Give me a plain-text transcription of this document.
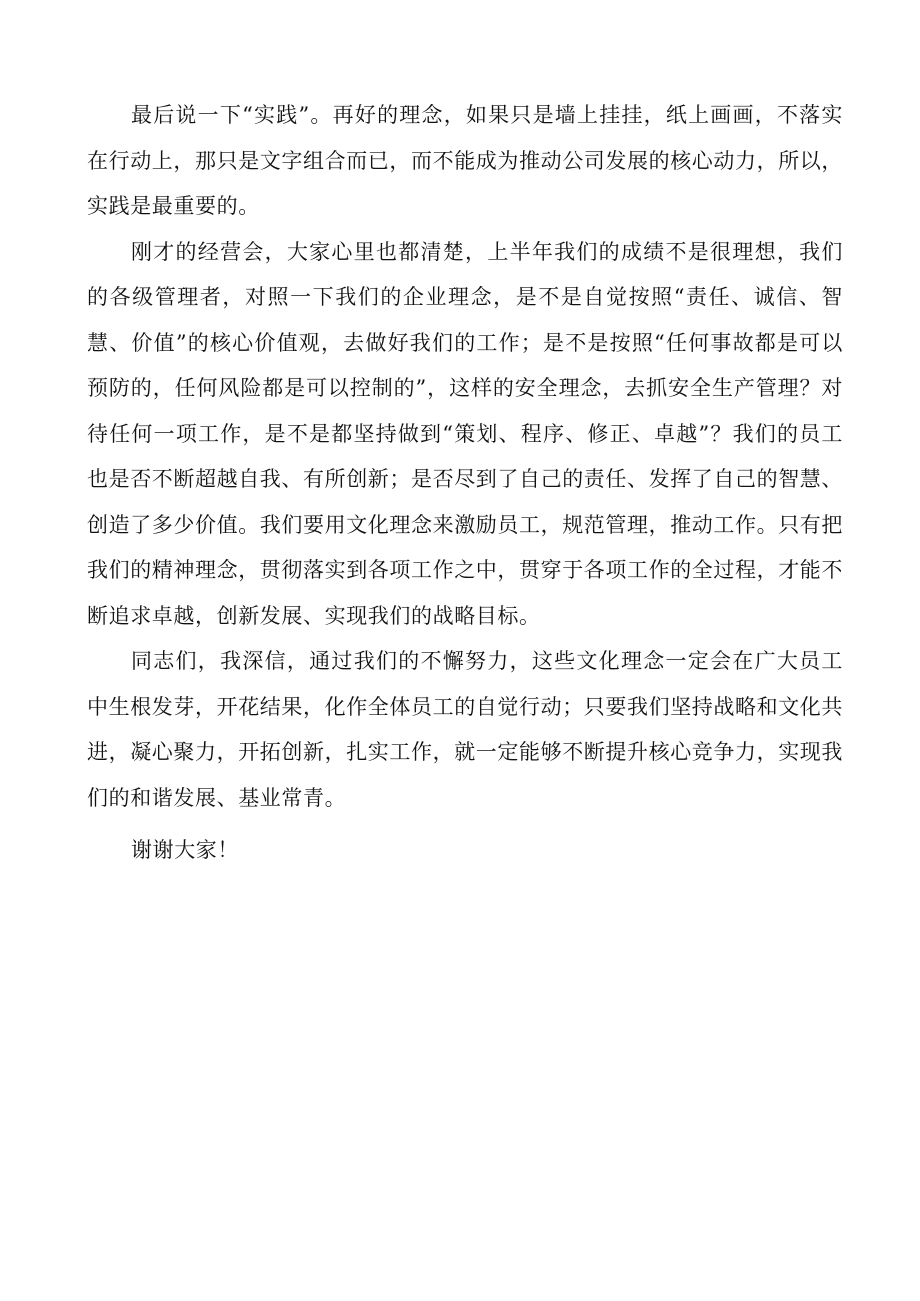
最后说一下“实践”。再好的理念，如果只是墙上挂挂，纸上画画，不落实在行动上，那只是文字组合而已，而不能成为推动公司发展的核心动力，所以，实践是最重要的。

刚才的经营会，大家心里也都清楚，上半年我们的成绩不是很理想，我们的各级管理者，对照一下我们的企业理念，是不是自觉按照“责任、诚信、智慧、价值”的核心价值观，去做好我们的工作；是不是按照“任何事故都是可以预防的，任何风险都是可以控制的”，这样的安全理念，去抓安全生产管理？对待任何一项工作，是不是都坚持做到“策划、程序、修正、卓越”？我们的员工也是否不断超越自我、有所创新；是否尽到了自己的责任、发挥了自己的智慧、创造了多少价值。我们要用文化理念来激励员工，规范管理，推动工作。只有把我们的精神理念，贯彻落实到各项工作之中，贯穿于各项工作的全过程，才能不断追求卓越，创新发展、实现我们的战略目标。

同志们，我深信，通过我们的不懈努力，这些文化理念一定会在广大员工中生根发芽，开花结果，化作全体员工的自觉行动；只要我们坚持战略和文化共进，凝心聚力，开拓创新，扎实工作，就一定能够不断提升核心竞争力，实现我们的和谐发展、基业常青。

谢谢大家！
